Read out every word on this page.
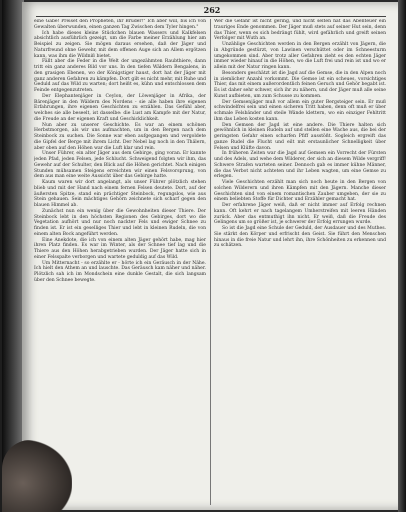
262

eine Gabe! Preiset den Propheten, ihr Brüder!" Ich aber will, bis ich von Gewalten überwunden, einen ganzen Tag Zwischen dem Tyler hingen."

Ich habe dieses kleine Stückchen blauen Wassers und Kalkfelsen absichtlich ausführlich gezeigt, um die Farbe meiner Erzählung hier am Beispiel zu zeigen. Sie mögen daraus ersehen, daß der Jäger und Naturfreund ohne Gewehr, mit dem offenen Auge sich an Allem ergötzen kann, was ihm die Wildniß bietet.

Fällt aber die Feder in die Welt der ungezähmten Raubthiere, dann tritt ein ganz anderes Bild vor uns. In den tiefen Wäldern Bengalens, in den grasigen Ebenen, wo der Königstiger haust, dort hat der Jäger mit ganz anderen Gefahren zu kämpfen. Dort gilt es nicht mehr, mit Ruhe und Geduld auf das Wild zu warten; dort heißt es, kühn und entschlossen dem Feinde entgegenzutreten.

Der Elephantenjäger in Ceylon, der Löwenjäger in Afrika, der Bärenjäger in den Wäldern des Nordens - sie alle haben ihre eigenen Erfahrungen, ihre eigenen Geschichten zu erzählen. Das Gefühl aber, welches sie alle beseelt, ist dasselbe: die Lust am Kampfe mit der Natur, die Freude an der eigenen Kraft und Geschicklichkeit.

Nun aber zu unserer Geschichte. Es war an einem schönen Herbstmorgen, als wir uns aufmachten, um in den Bergen nach dem Steinbock zu suchen. Die Sonne war eben aufgegangen und vergoldete die Gipfel der Berge mit ihrem Licht. Der Nebel lag noch in den Thälern, aber oben auf den Höhen war die Luft klar und rein.

Unser Führer, ein alter Jäger aus dem Gebirge, ging voran. Er kannte jeden Pfad, jeden Felsen, jede Schlucht. Schweigend folgten wir ihm, das Gewehr auf der Schulter, den Blick auf die Höhen gerichtet. Nach einigen Stunden mühsamen Steigens erreichten wir einen Felsvorsprung, von dem aus man eine weite Aussicht über das Gebirge hatte.

Kaum waren wir dort angelangt, als unser Führer plötzlich stehen blieb und mit der Hand nach einem fernen Felsen deutete. Dort, auf der äußersten Spitze, stand ein prächtiger Steinbock, regungslos, wie aus Stein gehauen. Sein mächtiges Gehörn zeichnete sich scharf gegen den blauen Himmel ab.

Zunächst nun ein wenig über die Gewohnheiten dieser Thiere. Der Steinbock lebt in den höchsten Regionen des Gebirges, dort wo die Vegetation aufhört und nur noch nackter Fels und ewiger Schnee zu finden ist. Er ist ein geselliges Thier und lebt in kleinen Rudeln, die von einem alten Bock angeführt werden.

Eine Anekdote, die ich von einem alten Jäger gehört habe, mag hier ihren Platz finden. Es war im Winter, als der Schnee tief lag und die Thiere aus den Höhen herabgetrieben wurden. Der Jäger hatte sich in einer Felsspalte verborgen und wartete geduldig auf das Wild.

Um Mitternacht - so erzählte er - hörte ich ein Geräusch in der Nähe. Ich hielt den Athem an und lauschte. Das Geräusch kam näher und näher. Plötzlich sah ich im Mondschein eine dunkle Gestalt, die sich langsam über den Schnee bewegte.

Wer die Gefahr ist nicht gering, und nicht selten hat das Abenteuer ein trauriges Ende genommen. Der Jäger muß stets auf seiner Hut sein, denn das Thier, wenn es sich bedrängt fühlt, wird gefährlich und greift seinen Verfolger mit Wuth an.

Unzählige Geschichten werden in den Bergen erzählt von Jägern, die in Abgründe gestürzt, von Lawinen verschüttet oder im Schneesturm umgekommen sind. Aber trotz aller Gefahren zieht es den echten Jäger immer wieder hinauf in die Höhen, wo die Luft frei und rein ist und wo er allein mit der Natur ringen kann.

Besonders geschätzt ist die Jagd auf die Gemse, die in den Alpen noch in ziemlicher Anzahl vorkommt. Die Gemse ist ein scheues, vorsichtiges Thier, das mit einem außerordentlich feinen Geruch und Gehör begabt ist. Es ist daher sehr schwer, sich ihr zu nähern, und der Jäger muß alle seine Kunst aufbieten, um zum Schusse zu kommen.

Der Gemsenjäger muß vor allem ein guter Bergsteiger sein. Er muß schwindelfrei sein und einen sicheren Tritt haben, denn oft muß er über schmale Felsbänder und steile Wände klettern, wo ein einziger Fehltritt ihm das Leben kosten kann.

Den Gemsen der Jagd ist eine andere. Die Thiere halten sich gewöhnlich in kleinen Rudeln auf und stellen eine Wache aus, die bei der geringsten Gefahr einen scharfen Pfiff ausstößt. Sogleich ergreift das ganze Rudel die Flucht und eilt mit erstaunlicher Schnelligkeit über Felsen und Klüfte davon.

In früheren Zeiten war die Jagd auf Gemsen ein Vorrecht der Fürsten und des Adels, und wehe dem Wilderer, der sich an diesem Wilde vergriff! Schwere Strafen warteten seiner. Dennoch gab es immer kühne Männer, die das Verbot nicht achteten und ihr Leben wagten, um eine Gemse zu erlegen.

Viele Geschichten erzählt man sich noch heute in den Bergen von solchen Wilderern und ihren Kämpfen mit den Jägern. Manche dieser Geschichten sind von einem romantischen Zauber umgeben, der sie zu einem beliebten Stoffe für Dichter und Erzähler gemacht hat.

Der erfahrene Jäger weiß, daß er nicht immer auf Erfolg rechnen kann. Oft kehrt er nach tagelangem Umherstreifen mit leeren Händen zurück. Aber das entmuthigt ihn nicht. Er weiß, daß die Freude des Gelingens um so größer ist, je schwerer der Erfolg errungen wurde.

So ist die Jagd eine Schule der Geduld, der Ausdauer und des Muthes. Sie stärkt den Körper und erfrischt den Geist. Sie führt den Menschen hinaus in die freie Natur und lehrt ihn, ihre Schönheiten zu erkennen und zu schätzen.
